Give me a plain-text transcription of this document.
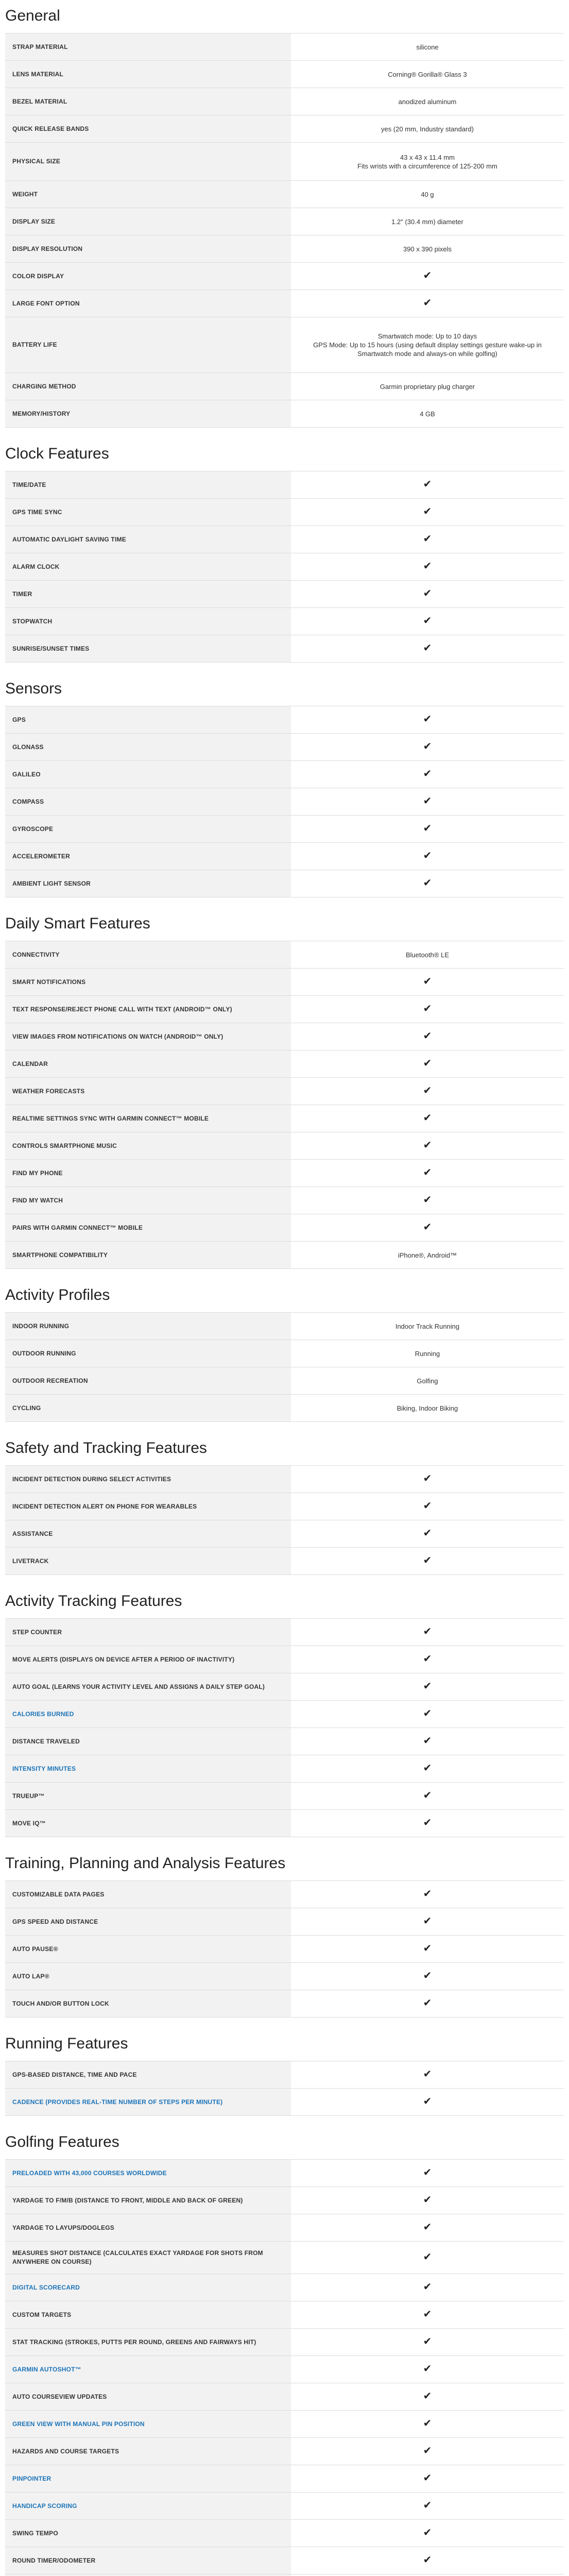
General
STRAP MATERIAL	silicone
LENS MATERIAL	Corning® Gorilla® Glass 3
BEZEL MATERIAL	anodized aluminum
QUICK RELEASE BANDS	yes (20 mm, Industry standard)
PHYSICAL SIZE	43 x 43 x 11.4 mm
Fits wrists with a circumference of 125-200 mm
WEIGHT	40 g
DISPLAY SIZE	1.2" (30.4 mm) diameter
DISPLAY RESOLUTION	390 x 390 pixels
COLOR DISPLAY	✔
LARGE FONT OPTION	✔
BATTERY LIFE	Smartwatch mode: Up to 10 days
GPS Mode: Up to 15 hours (using default display settings gesture wake-up in Smartwatch mode and always-on while golfing)
CHARGING METHOD	Garmin proprietary plug charger
MEMORY/HISTORY	4 GB
Clock Features
TIME/DATE	✔
GPS TIME SYNC	✔
AUTOMATIC DAYLIGHT SAVING TIME	✔
ALARM CLOCK	✔
TIMER	✔
STOPWATCH	✔
SUNRISE/SUNSET TIMES	✔
Sensors
GPS	✔
GLONASS	✔
GALILEO	✔
COMPASS	✔
GYROSCOPE	✔
ACCELEROMETER	✔
AMBIENT LIGHT SENSOR	✔
Daily Smart Features
CONNECTIVITY	Bluetooth® LE
SMART NOTIFICATIONS	✔
TEXT RESPONSE/REJECT PHONE CALL WITH TEXT (ANDROID™ ONLY)	✔
VIEW IMAGES FROM NOTIFICATIONS ON WATCH (ANDROID™ ONLY)	✔
CALENDAR	✔
WEATHER FORECASTS	✔
REALTIME SETTINGS SYNC WITH GARMIN CONNECT™ MOBILE	✔
CONTROLS SMARTPHONE MUSIC	✔
FIND MY PHONE	✔
FIND MY WATCH	✔
PAIRS WITH GARMIN CONNECT™ MOBILE	✔
SMARTPHONE COMPATIBILITY	iPhone®, Android™
Activity Profiles
INDOOR RUNNING	Indoor Track Running
OUTDOOR RUNNING	Running
OUTDOOR RECREATION	Golfing
CYCLING	Biking, Indoor Biking
Safety and Tracking Features
INCIDENT DETECTION DURING SELECT ACTIVITIES	✔
INCIDENT DETECTION ALERT ON PHONE FOR WEARABLES	✔
ASSISTANCE	✔
LIVETRACK	✔
Activity Tracking Features
STEP COUNTER	✔
MOVE ALERTS (DISPLAYS ON DEVICE AFTER A PERIOD OF INACTIVITY)	✔
AUTO GOAL (LEARNS YOUR ACTIVITY LEVEL AND ASSIGNS A DAILY STEP GOAL)	✔
CALORIES BURNED	✔
DISTANCE TRAVELED	✔
INTENSITY MINUTES	✔
TRUEUP™	✔
MOVE IQ™	✔
Training, Planning and Analysis Features
CUSTOMIZABLE DATA PAGES	✔
GPS SPEED AND DISTANCE	✔
AUTO PAUSE®	✔
AUTO LAP®	✔
TOUCH AND/OR BUTTON LOCK	✔
Running Features
GPS-BASED DISTANCE, TIME AND PACE	✔
CADENCE (PROVIDES REAL-TIME NUMBER OF STEPS PER MINUTE)	✔
Golfing Features
PRELOADED WITH 43,000 COURSES WORLDWIDE	✔
YARDAGE TO F/M/B (DISTANCE TO FRONT, MIDDLE AND BACK OF GREEN)	✔
YARDAGE TO LAYUPS/DOGLEGS	✔
MEASURES SHOT DISTANCE (CALCULATES EXACT YARDAGE FOR SHOTS FROM ANYWHERE ON COURSE)	✔
DIGITAL SCORECARD	✔
CUSTOM TARGETS	✔
STAT TRACKING (STROKES, PUTTS PER ROUND, GREENS AND FAIRWAYS HIT)	✔
GARMIN AUTOSHOT™	✔
AUTO COURSEVIEW UPDATES	✔
GREEN VIEW WITH MANUAL PIN POSITION	✔
HAZARDS AND COURSE TARGETS	✔
PINPOINTER	✔
HANDICAP SCORING	✔
SWING TEMPO	✔
ROUND TIMER/ODOMETER	✔
